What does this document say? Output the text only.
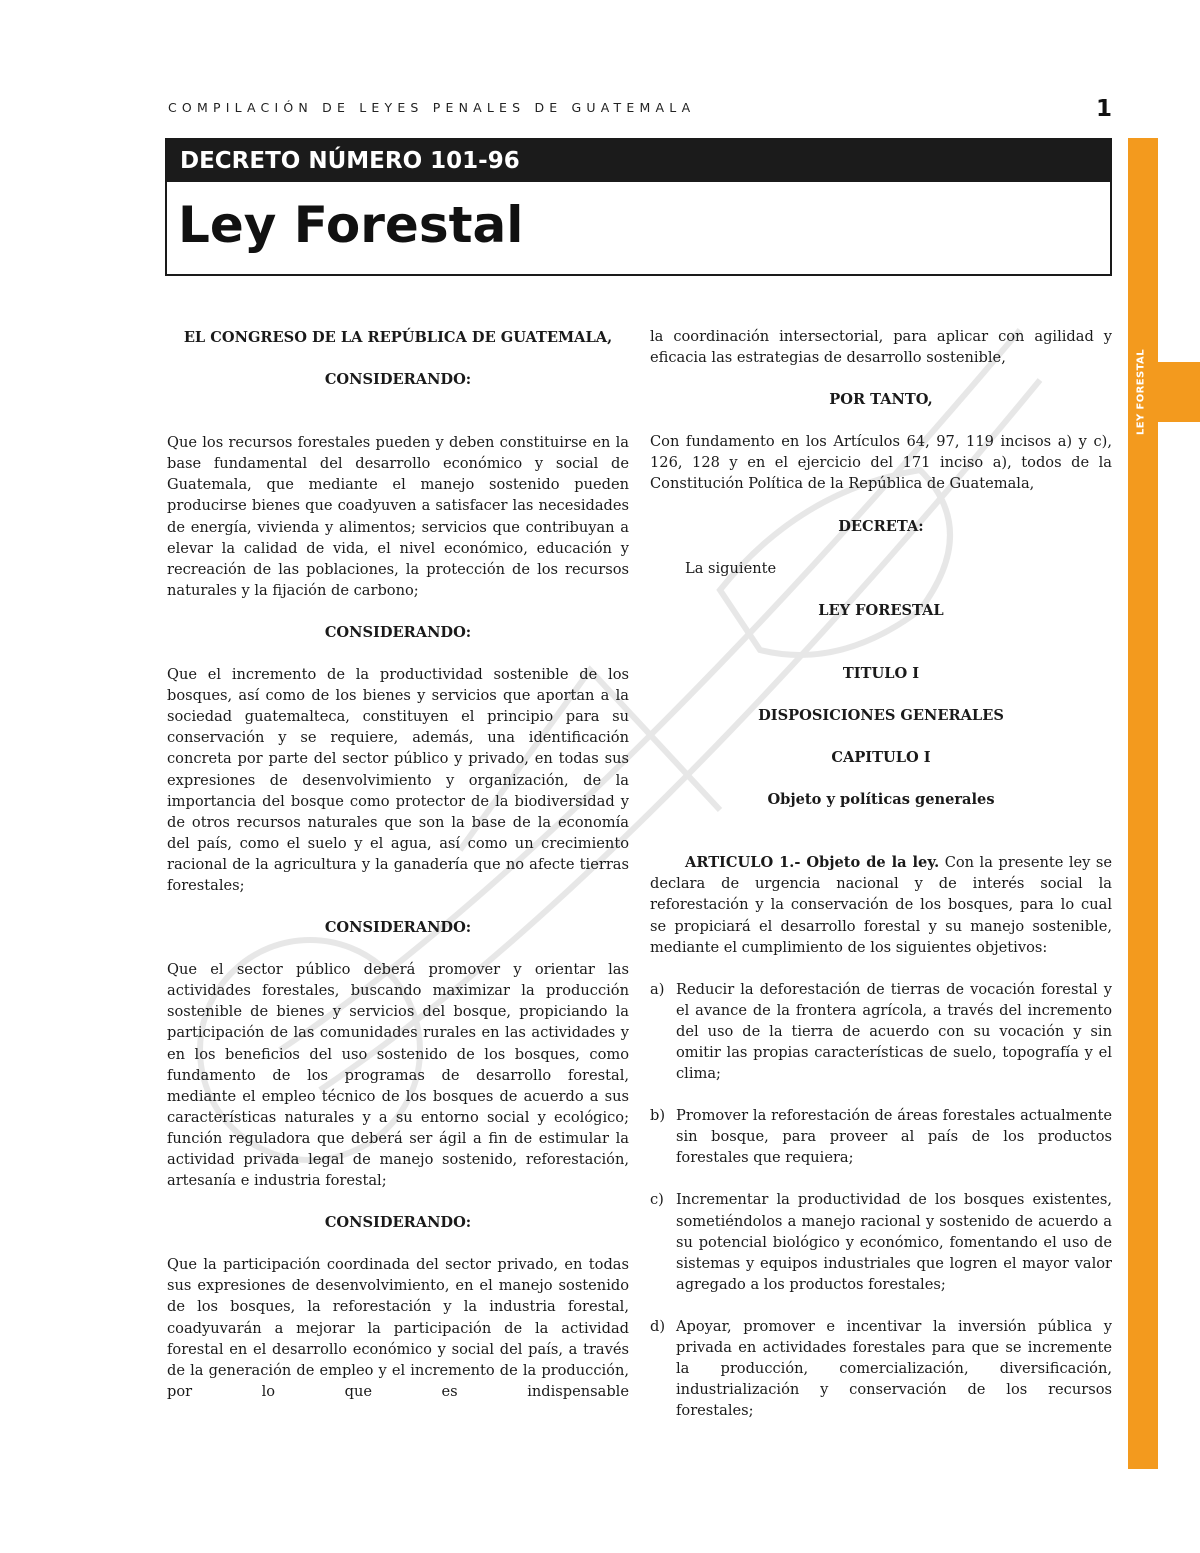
COMPILACIÓN DE LEYES PENALES DE GUATEMALA	1
LEY FORESTAL
DECRETO NÚMERO 101-96
Ley Forestal

EL CONGRESO DE LA REPÚBLICA DE GUATEMALA,

CONSIDERANDO:

Que los recursos forestales pueden y deben constituirse en la base fundamental del desarrollo económico y social de Guatemala, que mediante el manejo sostenido pueden producirse bienes que coadyuven a satisfacer las necesidades de energía, vivienda y alimentos; servicios que contribuyan a elevar la calidad de vida, el nivel económico, educación y recreación de las poblaciones, la protección de los recursos naturales y la fijación de carbono;

CONSIDERANDO:

Que el incremento de la productividad sostenible de los bosques, así como de los bienes y servicios que aportan a la sociedad guatemalteca, constituyen el principio para su conservación y se requiere, además, una identificación concreta por parte del sector público y privado, en todas sus expresiones de desenvolvimiento y organización, de la importancia del bosque como protector de la biodiversidad y de otros recursos naturales que son la base de la economía del país, como el suelo y el agua, así como un crecimiento racional de la agricultura y la ganadería que no afecte tierras forestales;

CONSIDERANDO:

Que el sector público deberá promover y orientar las actividades forestales, buscando maximizar la producción sostenible de bienes y servicios del bosque, propiciando la participación de las comunidades rurales en las actividades y en los beneficios del uso sostenido de los bosques, como fundamento de los programas de desarrollo forestal, mediante el empleo técnico de los bosques de acuerdo a sus características naturales y a su entorno social y ecológico; función reguladora que deberá ser ágil a fin de estimular la actividad privada legal de manejo sostenido, reforestación, artesanía e industria forestal;

CONSIDERANDO:

Que la participación coordinada del sector privado, en todas sus expresiones de desenvolvimiento, en el manejo sostenido de los bosques, la reforestación y la industria forestal, coadyuvarán a mejorar la participación de la actividad forestal en el desarrollo económico y social del país, a través de la generación de empleo y el incremento de la producción, por lo que es indispensable

la coordinación intersectorial, para aplicar con agilidad y eficacia las estrategias de desarrollo sostenible,

POR TANTO,

Con fundamento en los Artículos 64, 97, 119 incisos a) y c), 126, 128 y en el ejercicio del 171 inciso a), todos de la Constitución Política de la República de Guatemala,

DECRETA:

La siguiente

LEY FORESTAL

TITULO I

DISPOSICIONES GENERALES

CAPITULO I

Objeto y políticas generales

ARTICULO 1.- Objeto de la ley. Con la presente ley se declara de urgencia nacional y de interés social la reforestación y la conservación de los bosques, para lo cual se propiciará el desarrollo forestal y su manejo sostenible, mediante el cumplimiento de los siguientes objetivos:

a) Reducir la deforestación de tierras de vocación forestal y el avance de la frontera agrícola, a través del incremento del uso de la tierra de acuerdo con su vocación y sin omitir las propias características de suelo, topografía y el clima;
b) Promover la reforestación de áreas forestales actualmente sin bosque, para proveer al país de los productos forestales que requiera;
c) Incrementar la productividad de los bosques existentes, sometiéndolos a manejo racional y sostenido de acuerdo a su potencial biológico y económico, fomentando el uso de sistemas y equipos industriales que logren el mayor valor agregado a los productos forestales;
d) Apoyar, promover e incentivar la inversión pública y privada en actividades forestales para que se incremente la producción, comercialización, diversificación, industrialización y conservación de los recursos forestales;
